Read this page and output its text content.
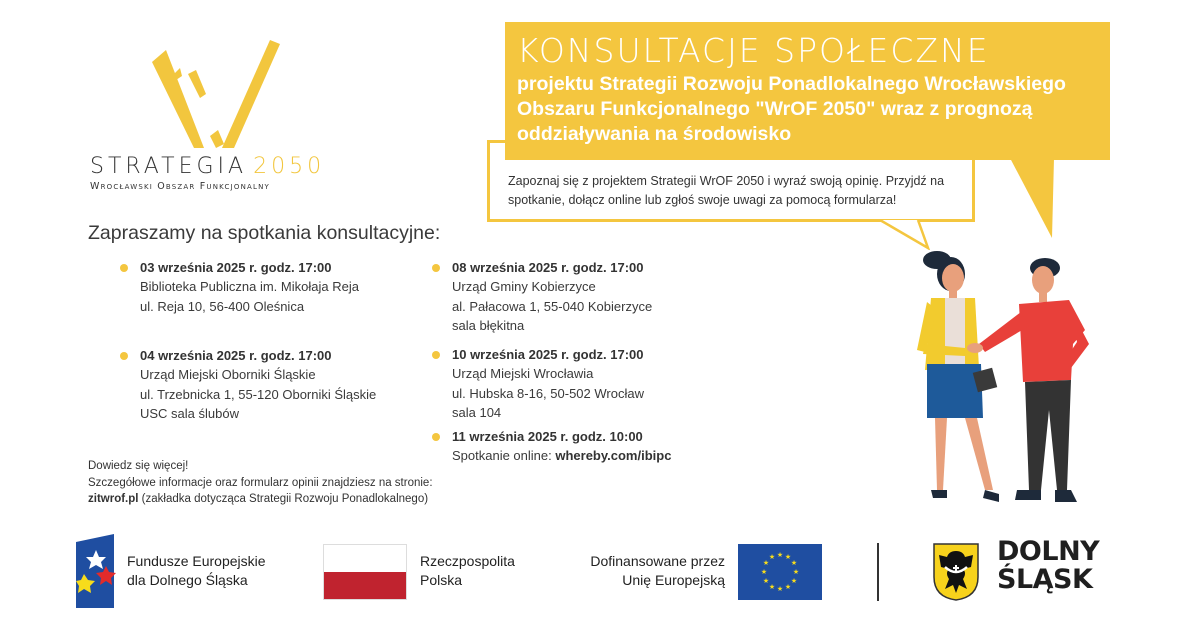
STRATEGIA 2050
Wrocławski Obszar Funkcjonalny
KONSULTACJE SPOŁECZNE
projektu Strategii Rozwoju Ponadlokalnego Wrocławskiego Obszaru Funkcjonalnego "WrOF 2050" wraz z prognozą oddziaływania na środowisko
Zapoznaj się z projektem Strategii WrOF 2050 i wyraź swoją opinię. Przyjdź na spotkanie, dołącz online lub zgłoś swoje uwagi za pomocą formularza!
Zapraszamy na spotkania konsultacyjne:
03 września 2025 r. godz. 17:00
Biblioteka Publiczna im. Mikołaja Reja
ul. Reja 10, 56-400 Oleśnica
04 września 2025 r. godz. 17:00
Urząd Miejski Oborniki Śląskie
ul. Trzebnicka 1, 55-120 Oborniki Śląskie
USC sala ślubów
08 września 2025 r. godz. 17:00
Urząd Gminy Kobierzyce
al. Pałacowa 1, 55-040 Kobierzyce
sala błękitna
10 września 2025 r. godz. 17:00
Urząd Miejski Wrocławia
ul. Hubska 8-16, 50-502 Wrocław
sala 104
11 września 2025 r. godz. 10:00
Spotkanie online: whereby.com/ibipc
Dowiedz się więcej!
Szczegółowe informacje oraz formularz opinii znajdziesz na stronie:
zitwrof.pl (zakładka dotycząca Strategii Rozwoju Ponadlokalnego)
Fundusze Europejskie
dla Dolnego Śląska
Rzeczpospolita
Polska
Dofinansowane przez
Unię Europejską
★ ★
★
★
★
★
★
★
★
★
★
★	DOLNY
ŚLĄSK
